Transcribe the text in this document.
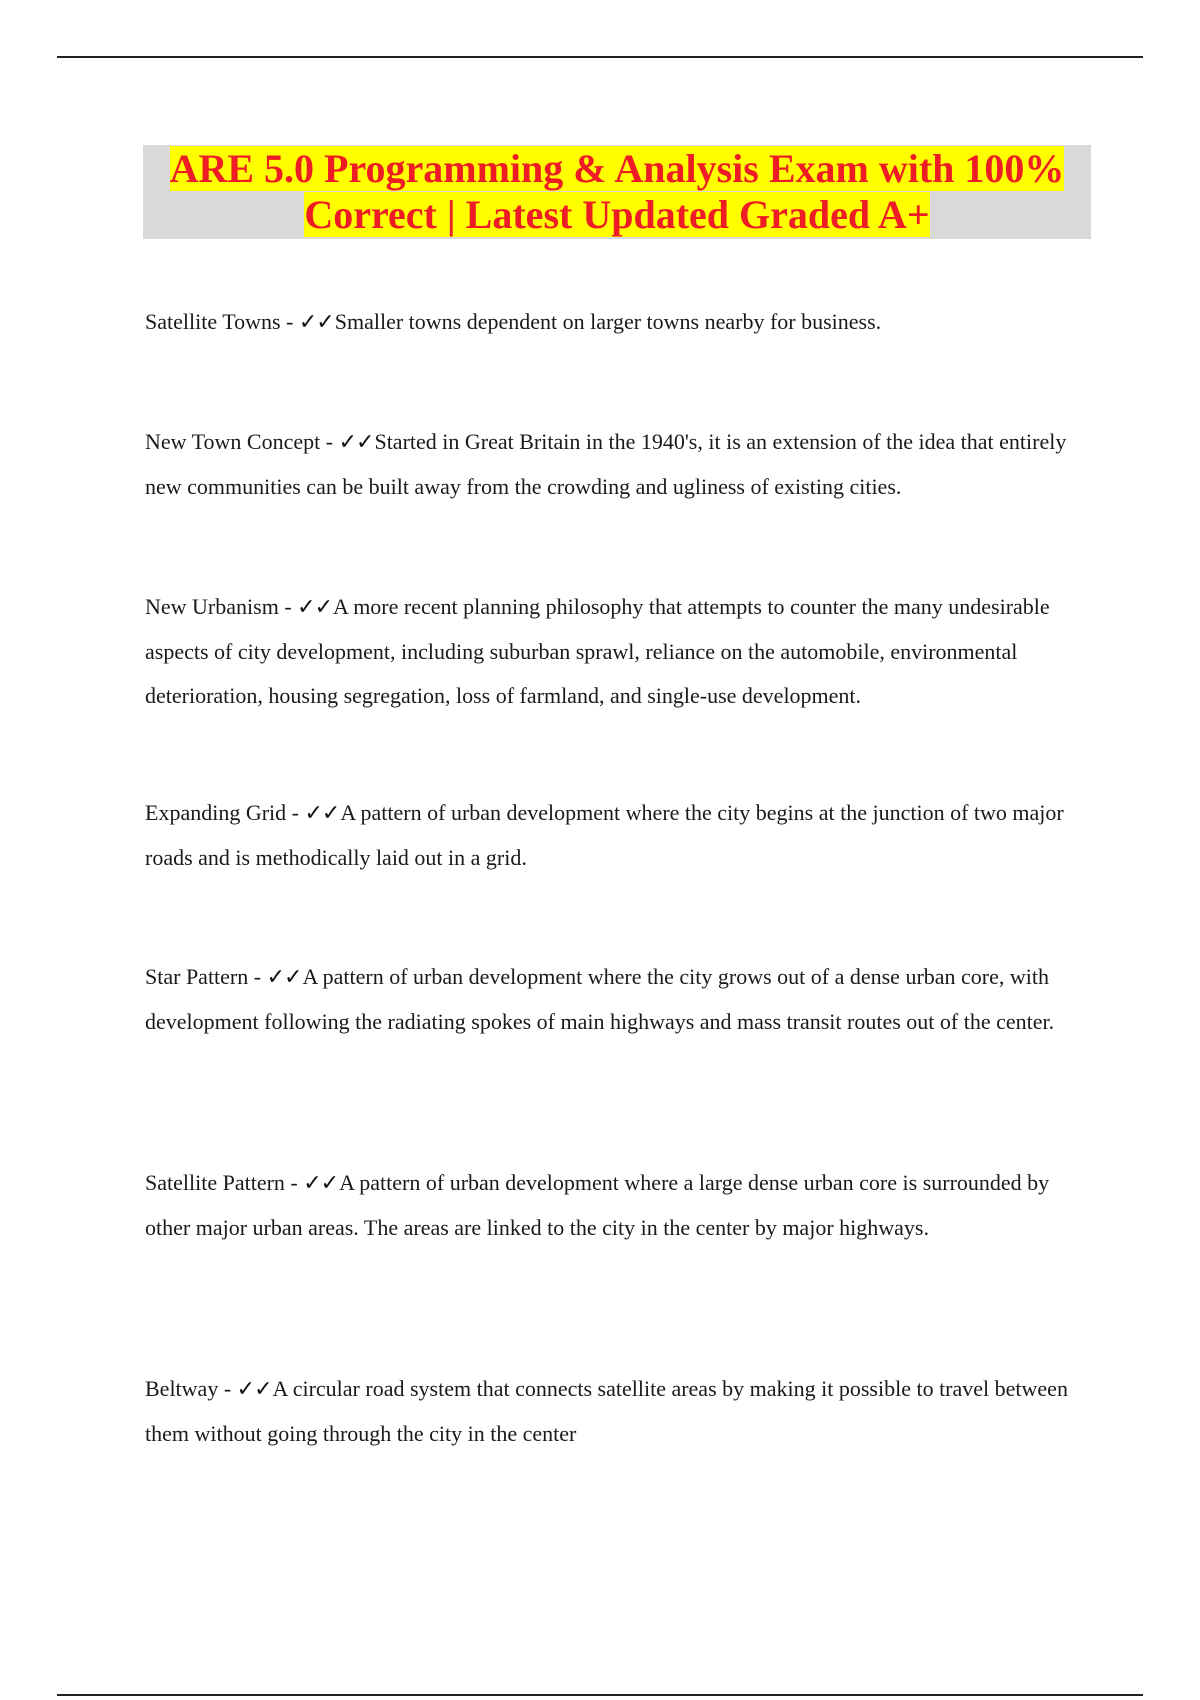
ARE 5.0 Programming & Analysis Exam with 100%
Correct | Latest Updated Graded A+
Satellite Towns - ✓✓Smaller towns dependent on larger towns nearby for business.
New Town Concept - ✓✓Started in Great Britain in the 1940's, it is an extension of the idea that entirely new communities can be built away from the crowding and ugliness of existing cities.
New Urbanism - ✓✓A more recent planning philosophy that attempts to counter the many undesirable aspects of city development, including suburban sprawl, reliance on the automobile, environmental deterioration, housing segregation, loss of farmland, and single-use development.
Expanding Grid - ✓✓A pattern of urban development where the city begins at the junction of two major roads and is methodically laid out in a grid.
Star Pattern - ✓✓A pattern of urban development where the city grows out of a dense urban core, with development following the radiating spokes of main highways and mass transit routes out of the center.
Satellite Pattern - ✓✓A pattern of urban development where a large dense urban core is surrounded by other major urban areas. The areas are linked to the city in the center by major highways.
Beltway - ✓✓A circular road system that connects satellite areas by making it possible to travel between them without going through the city in the center
